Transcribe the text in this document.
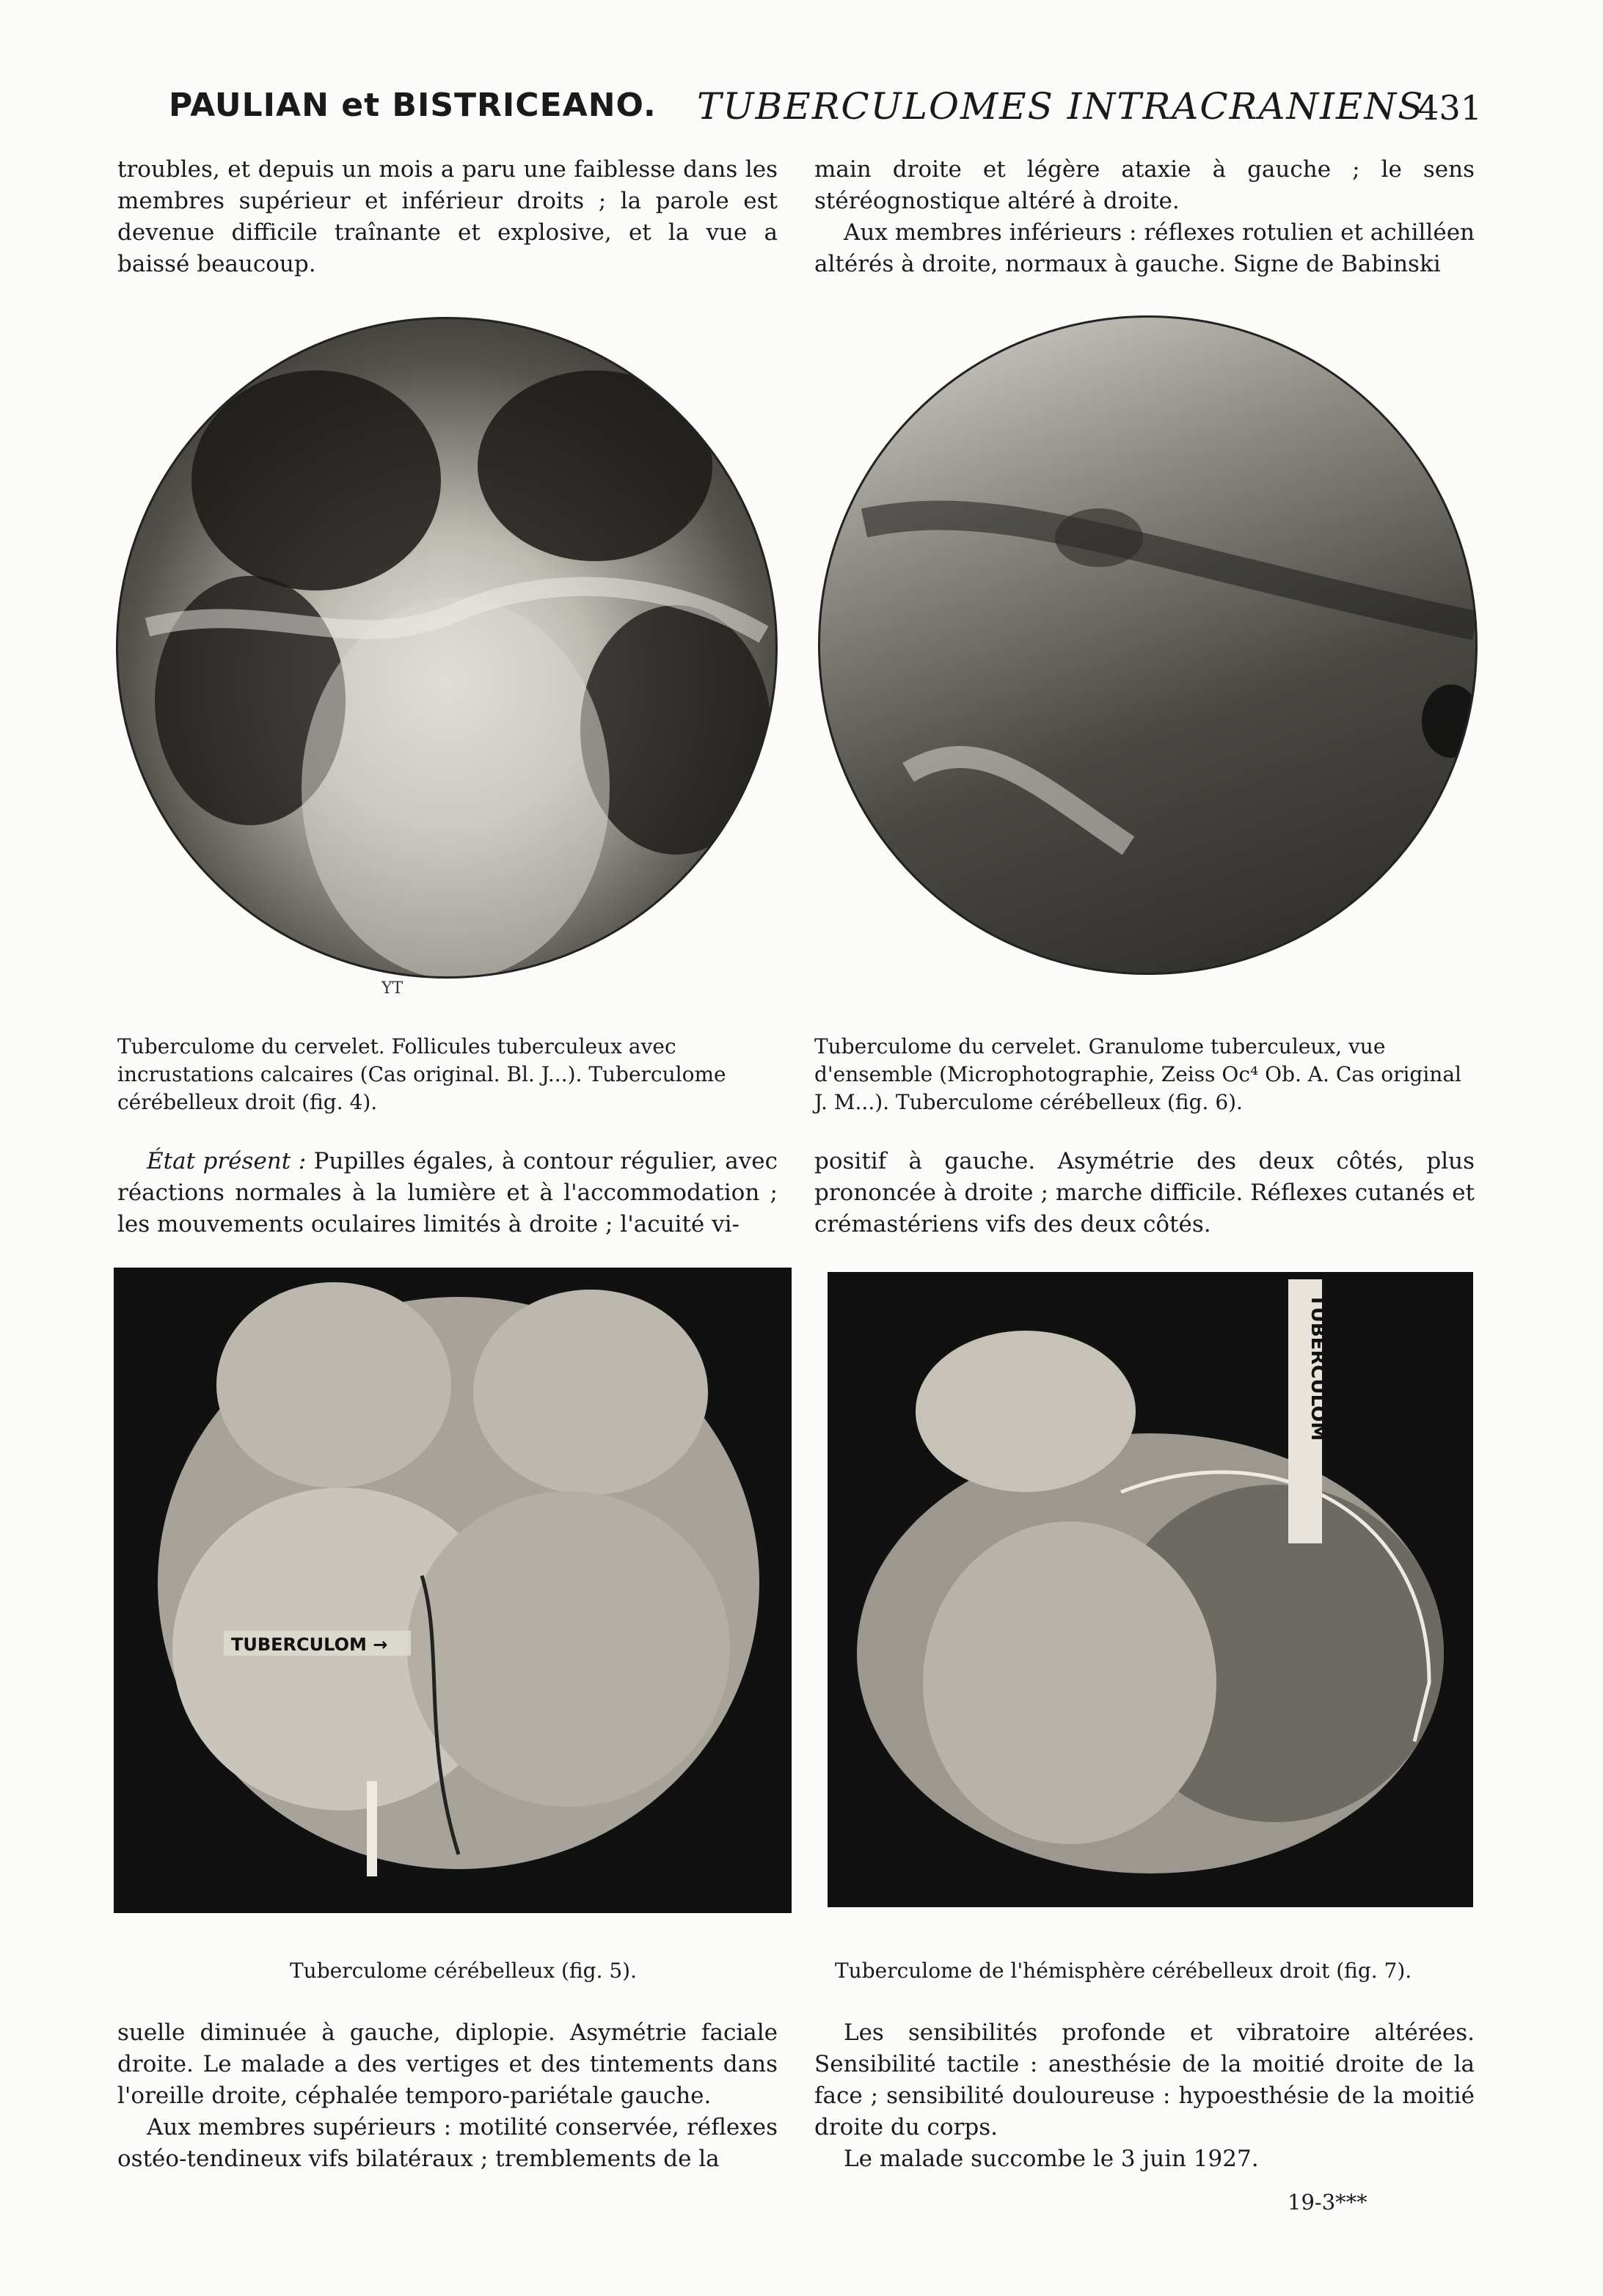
PAULIAN et BISTRICEANO. TUBERCULOMES INTRACRANIENS
431

troubles, et depuis un mois a paru une faiblesse dans les membres supérieur et inférieur droits ; la parole est devenue difficile traînante et explosive, et la vue a baissé beaucoup.

main droite et légère ataxie à gauche ; le sens stéréognostique altéré à droite.

Aux membres inférieurs : réflexes rotulien et achilléen altérés à droite, normaux à gauche. Signe de Babinski

YT
Tuberculome du cervelet. Follicules tuberculeux avec incrustations calcaires (Cas original. Bl. J...). Tuberculome cérébelleux droit (fig. 4).
Tuberculome du cervelet. Granulome tuberculeux, vue d'ensemble (Microphotographie, Zeiss Oc⁴ Ob. A. Cas original J. M...). Tuberculome cérébelleux (fig. 6).

État présent : Pupilles égales, à contour régulier, avec réactions normales à la lumière et à l'accommodation ; les mouvements oculaires limités à droite ; l'acuité vi-

positif à gauche. Asymétrie des deux côtés, plus prononcée à droite ; marche difficile. Réflexes cutanés et crémastériens vifs des deux côtés.

TUBERCULOM →
Tuberculome cérébelleux (fig. 5).
TUBERCULOM
Tuberculome de l'hémisphère cérébelleux droit (fig. 7).

suelle diminuée à gauche, diplopie. Asymétrie faciale droite. Le malade a des vertiges et des tintements dans l'oreille droite, céphalée temporo-pariétale gauche.

Aux membres supérieurs : motilité conservée, réflexes ostéo-tendineux vifs bilatéraux ; tremblements de la

Les sensibilités profonde et vibratoire altérées. Sensibilité tactile : anesthésie de la moitié droite de la face ; sensibilité douloureuse : hypoesthésie de la moitié droite du corps.

Le malade succombe le 3 juin 1927.

19-3***
